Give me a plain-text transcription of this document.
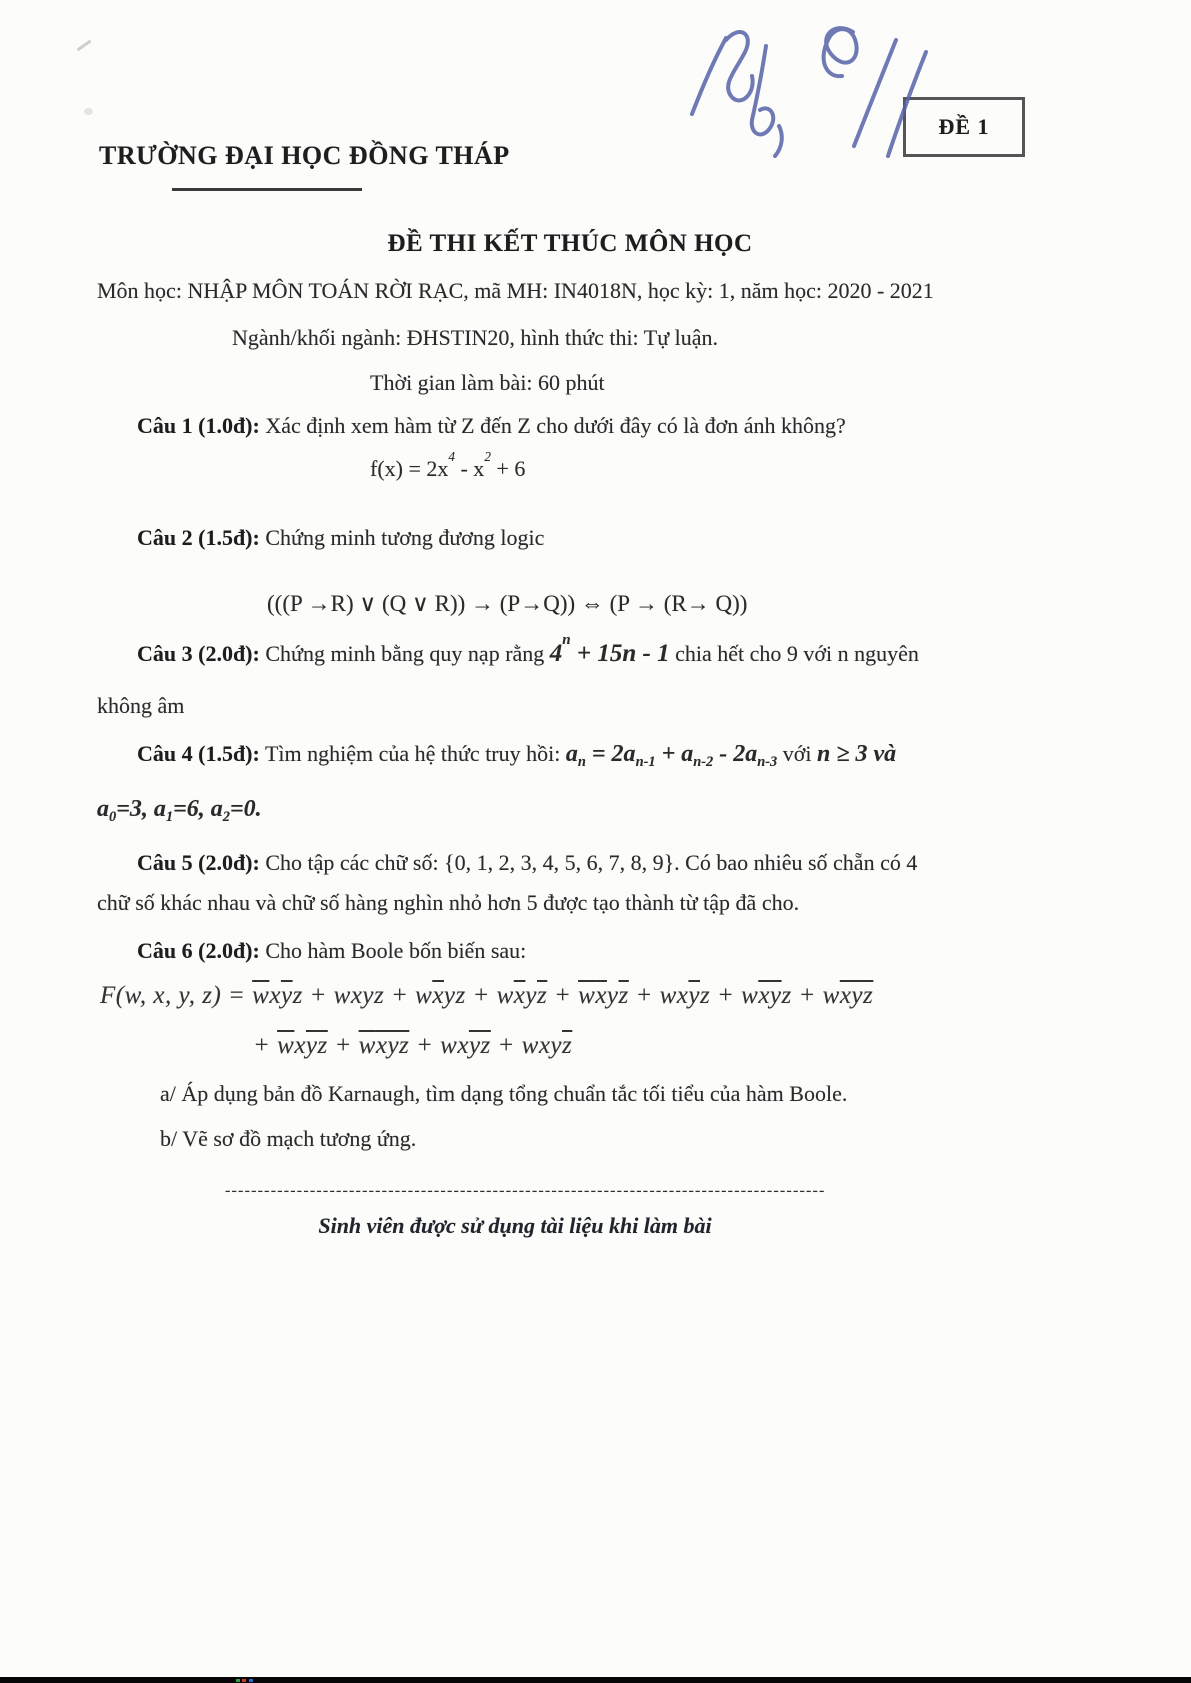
TRƯỜNG ĐẠI HỌC ĐỒNG THÁP
ĐỀ 1
ĐỀ THI KẾT THÚC MÔN HỌC
Môn học: NHẬP MÔN TOÁN RỜI RẠC, mã MH: IN4018N, học kỳ: 1, năm học: 2020 - 2021
Ngành/khối ngành: ĐHSTIN20, hình thức thi: Tự luận.
Thời gian làm bài: 60 phút
Câu 1 (1.0đ): Xác định xem hàm từ Z đến Z cho dưới đây có là đơn ánh không?
$f(x) = 2x^4 - x^2 + 6$
Câu 2 (1.5đ): Chứng minh tương đương logic
(((P →R) ∨ (Q ∨ R)) → (P→Q)) ⇔ (P → (R→ Q))
Câu 3 (2.0đ): Chứng minh bằng quy nạp rằng $4^n + 15n - 1$ chia hết cho 9 với n nguyên
không âm
Câu 4 (1.5đ): Tìm nghiệm của hệ thức truy hồi: $a_n = 2a_{n-1} + a_{n-2} - 2a_{n-3}$ với n ≥ 3 và
$a_0=3$, $a_1=6$, $a_2=0$.
Câu 5 (2.0đ): Cho tập các chữ số: {0, 1, 2, 3, 4, 5, 6, 7, 8, 9}. Có bao nhiêu số chẵn có 4
chữ số khác nhau và chữ số hàng nghìn nhỏ hơn 5 được tạo thành từ tập đã cho.
Câu 6 (2.0đ): Cho hàm Boole bốn biến sau:
F(w, x, y, $z) = \overline{w}x\overline{y}z$ + wxyz + $w\overline{x}yz + w\overline{x}y\overline{z} + \overline{w}\overline{x}y\overline{z} + wx\overline{y}z + w\overline{x}\overline{y}z + w\overline{x}\overline{y}\overline{z}$
+ $\overline{w}x\overline{y}\overline{z} + \overline{w}\overline{x}\overline{y}\overline{z} + wx\overline{y}\overline{z} + wxy\overline{z}$
a/ Áp dụng bản đồ Karnaugh, tìm dạng tổng chuẩn tắc tối tiểu của hàm Boole.
b/ Vẽ sơ đồ mạch tương ứng.
--------------------------------------------------------------------------------------------
Sinh viên được sử dụng tài liệu khi làm bài
